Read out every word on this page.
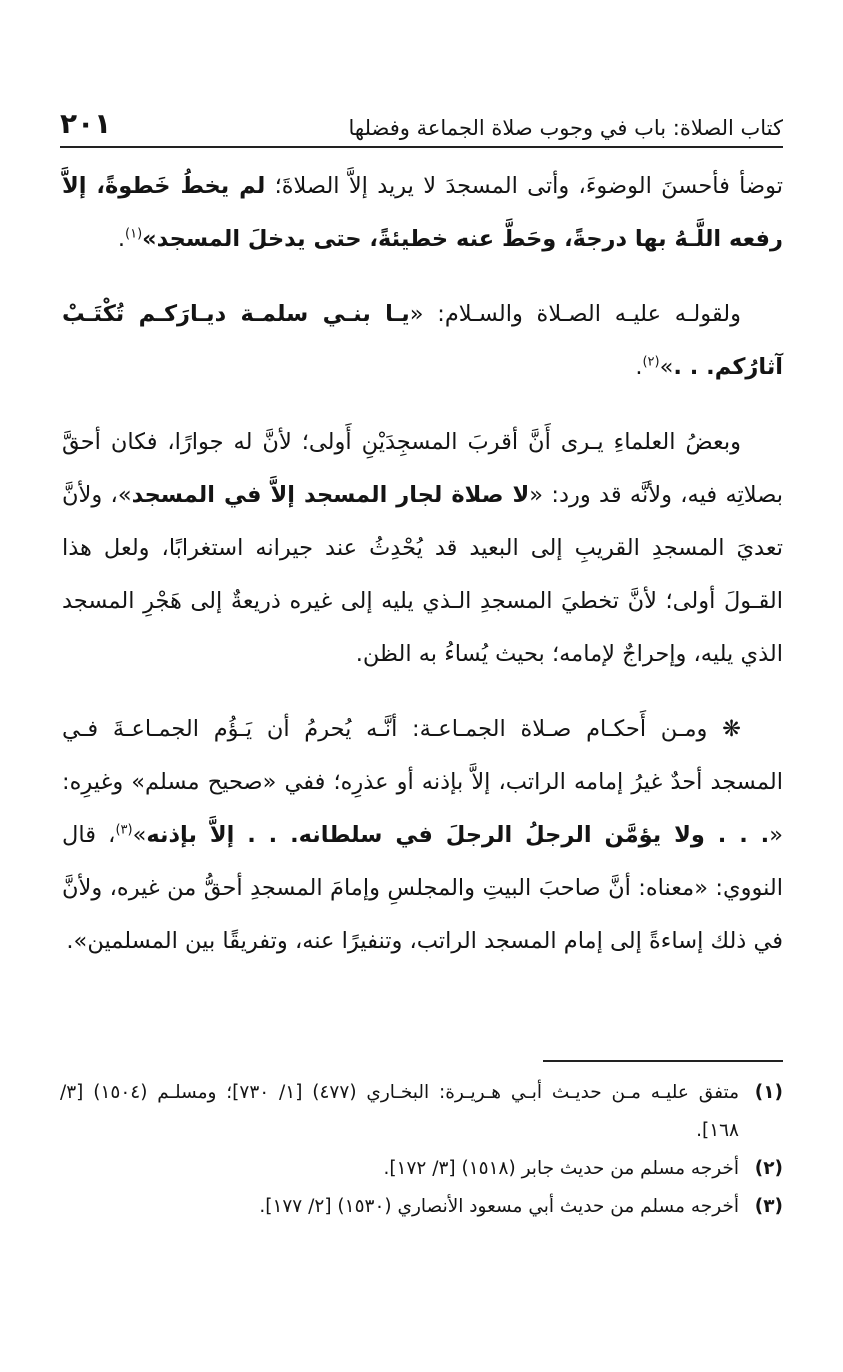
كتاب الصلاة: باب في وجوب صلاة الجماعة وفضلها
٢٠١

توضأ فأحسنَ الوضوءَ، وأتى المسجدَ لا يريد إلاَّ الصلاةَ؛ لم يخطُ خَطوةً، إلاَّ رفعه اللَّـهُ بها درجةً، وحَطَّ عنه خطيئةً، حتى يدخلَ المسجد»$^{(١)}$.

ولقولـه عليـه الصـلاة والسـلام: «يـا بنـي سلمـة ديـارَكـم تُكْتَـبْ آثارُكم. . .»$^{(٢)}$.

وبعضُ العلماءِ يـرى أَنَّ أقربَ المسجِدَيْنِ أَولى؛ لأنَّ له جوارًا، فكان أحقَّ بصلاتِه فيه، ولأنَّه قد ورد: «لا صلاة لجار المسجد إلاَّ في المسجد»، ولأنَّ تعديَ المسجدِ القريبِ إلى البعيد قد يُحْدِثُ عند جيرانه استغرابًا، ولعل هذا القـولَ أولى؛ لأنَّ تخطيَ المسجدِ الـذي يليه إلى غيره ذريعةٌ إلى هَجْرِ المسجد الذي يليه، وإحراجٌ لإمامه؛ بحيث يُساءُ به الظن.

❋ ومـن أَحكـام صـلاة الجمـاعـة: أنَّـه يُحرمُ أن يَـؤُم الجمـاعـةَ فـي المسجد أحدٌ غيرُ إمامه الراتب، إلاَّ بإذنه أو عذرِه؛ ففي «صحيح مسلم» وغيرِه: «. . . ولا يؤمَّن الرجلُ الرجلَ في سلطانه. . . إلاَّ بإذنه»$^{(٣)}$، قال النووي: «معناه: أنَّ صاحبَ البيتِ والمجلسِ وإمامَ المسجدِ أحقُّ من غيره، ولأنَّ في ذلك إساءةً إلى إمام المسجد الراتب، وتنفيرًا عنه، وتفريقًا بين المسلمين».

(١)
متفق عليـه مـن حديـث أبـي هـريـرة: البخـاري (٤٧٧) [١/ ٧٣٠]؛ ومسلـم (١٥٠٤) [٣/ ١٦٨].
(٢)
أخرجه مسلم من حديث جابر (١٥١٨) [٣/ ١٧٢].
(٣)
أخرجه مسلم من حديث أبي مسعود الأنصاري (١٥٣٠) [٢/ ١٧٧].
